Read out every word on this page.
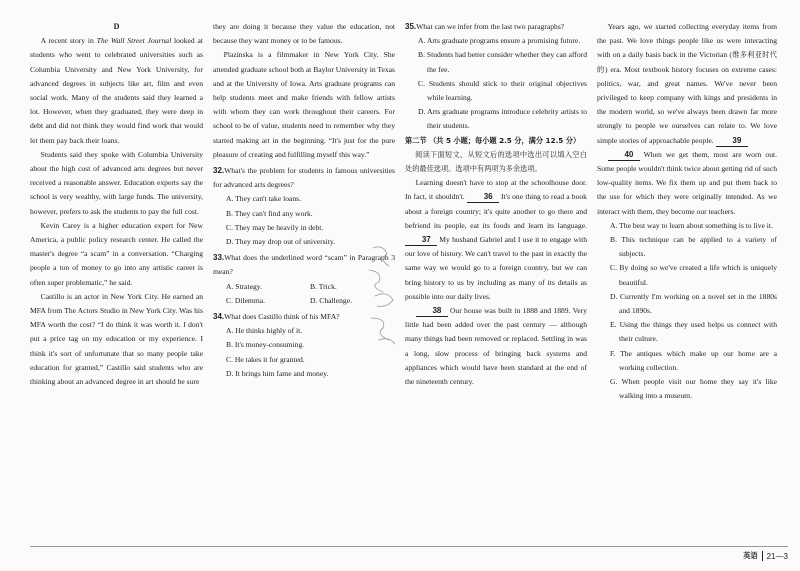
D

A recent story in The Wall Street Journal looked at students who went to celebrated universities such as Columbia University and New York University, for advanced degrees in subjects like art, film and even social work. Many of the students said they learned a lot. However, when they graduated, they were deep in debt and did not think they would find work that would let them pay back their loans.

Students said they spoke with Columbia University about the high cost of advanced arts degrees but never received a reasonable answer. Education experts say the school is very wealthy, with large funds. The university, however, prefers to ask the students to pay the full cost.

Kevin Carey is a higher education expert for New America, a public policy research center. He called the master's degree “a scam” in a conversation. “Charging people a ton of money to go into any artistic career is often super problematic,” he said.

Castillo is an actor in New York City. He earned an MFA from The Actors Studio in New York City. Was his MFA worth the cost? “I do think it was worth it. I don't put a price tag on my education or my experience. I think it's sort of unfortunate that so many people take education for granted,” Castillo said students who are thinking about an advanced degree in art should be sure

they are doing it because they value the education, not because they want money or to be famous.

Plazinska is a filmmaker in New York City. She attended graduate school both at Baylor University in Texas and at the University of Iowa. Arts graduate programs can help students meet and make friends with fellow artists with whom they can work throughout their careers. For school to be of value, students need to remember why they started making art in the beginning. “It's just for the pure pleasure of creating and fulfilling myself this way.”

32.What's the problem for students in famous universities for advanced arts degrees?

A. They can't take loans.

B. They can't find any work.

C. They may be heavily in debt.

D. They may drop out of university.

33.What does the underlined word “scam” in Paragraph 3 mean?

A. Strategy.	B. Trick.
C. Dilemma.	D. Challenge.

34.What does Castillo think of his MFA?

A. He thinks highly of it.

B. It's money-consuming.

C. He takes it for granted.

D. It brings him fame and money.

35.What can we infer from the last two paragraphs?

A. Arts graduate programs ensure a promising future.

B. Students had better consider whether they can afford the fee.

C. Students should stick to their original objectives while learning.

D. Arts graduate programs introduce celebrity artists to their students.

第二节 （共 5 小题；每小题 2.5 分，满分 12.5 分）

阅读下面短文，从短文后的选项中选出可以填入空白处的最佳选项。选项中有两项为多余选项。

Learning doesn't have to stop at the schoolhouse door. In fact, it shouldn't. 36 It's one thing to read a book about a foreign country; it's quite another to go there and befriend its people, eat its foods and learn its language. 37 My husband Gabriel and I use it to engage with our love of history. We can't travel to the past in exactly the same way we would go to a foreign country, but we can bring history to us by including as many of its details as possible into our daily lives.

38 Our house was built in 1888 and 1889. Very little had been added over the past century — although many things had been removed or replaced. Settling in was a long, slow process of bringing back systems and appliances which would have been standard at the end of the nineteenth century.

Years ago, we started collecting everyday items from the past. We love things people like us were interacting with on a daily basis back in the Victorian (维多利亚时代的) era. Most textbook history focuses on extreme cases: politics, war, and great names. We've never been privileged to keep company with kings and presidents in the modern world, so we've always been drawn far more strongly to people we ourselves can relate to. We love simple stories of approachable people. 39

40 When we get them, most are worn out. Some people wouldn't think twice about getting rid of such low-quality items. We fix them up and put them back to the use for which they were originally intended. As we interact with them, they become our teachers.

A. The best way to learn about something is to live it.

B. This technique can be applied to a variety of subjects.

C. By doing so we've created a life which is uniquely beautiful.

D. Currently I'm working on a novel set in the 1880s and 1890s.

E. Using the things they used helps us connect with their culture.

F. The antiques which make up our home are a working collection.

G. When people visit our home they say it's like walking into a museum.

英语	21—3
